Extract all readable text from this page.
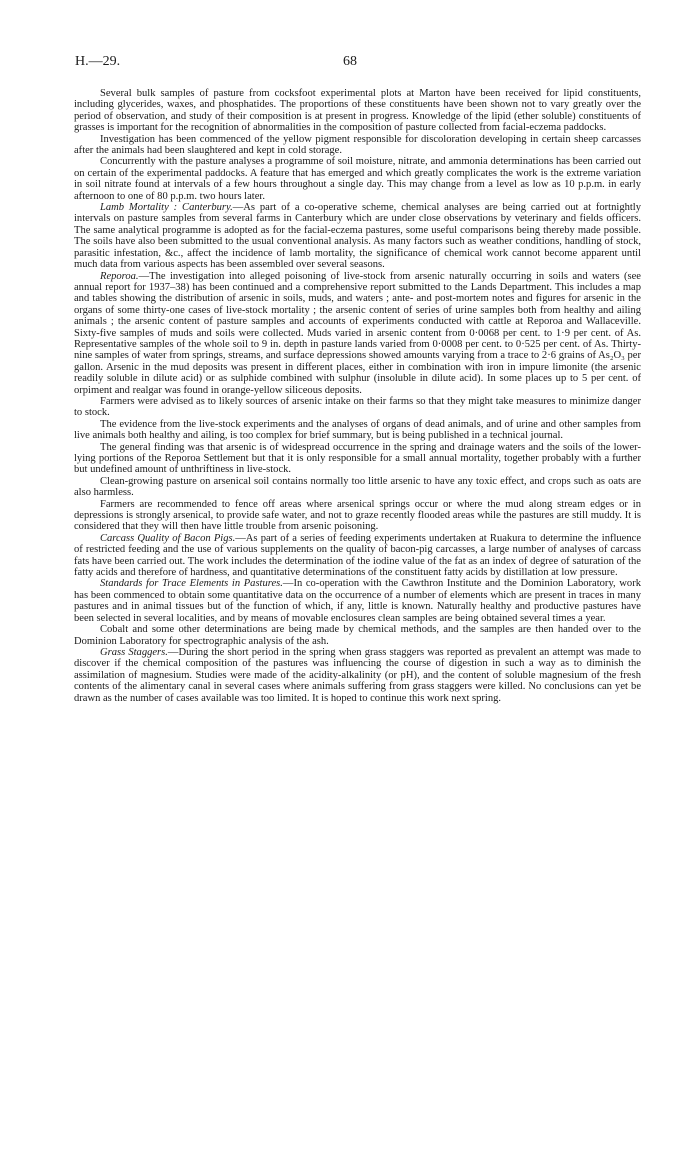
H.—29.	68

Several bulk samples of pasture from cocksfoot experimental plots at Marton have been received for lipid constituents, including glycerides, waxes, and phosphatides. The proportions of these constituents have been shown not to vary greatly over the period of observation, and study of their composition is at present in progress. Knowledge of the lipid (ether soluble) constituents of grasses is important for the recognition of abnormalities in the composition of pasture collected from facial-eczema paddocks.

Investigation has been commenced of the yellow pigment responsible for discoloration developing in certain sheep carcasses after the animals had been slaughtered and kept in cold storage.

Concurrently with the pasture analyses a programme of soil moisture, nitrate, and ammonia determinations has been carried out on certain of the experimental paddocks. A feature that has emerged and which greatly complicates the work is the extreme variation in soil nitrate found at intervals of a few hours throughout a single day. This may change from a level as low as 10 p.p.m. in early afternoon to one of 80 p.p.m. two hours later.

Lamb Mortality : Canterbury.—As part of a co-operative scheme, chemical analyses are being carried out at fortnightly intervals on pasture samples from several farms in Canterbury which are under close observations by veterinary and fields officers. The same analytical programme is adopted as for the facial-eczema pastures, some useful comparisons being thereby made possible. The soils have also been submitted to the usual conventional analysis. As many factors such as weather conditions, handling of stock, parasitic infestation, &c., affect the incidence of lamb mortality, the significance of chemical work cannot become apparent until much data from various aspects has been assembled over several seasons.

Reporoa.—The investigation into alleged poisoning of live-stock from arsenic naturally occurring in soils and waters (see annual report for 1937–38) has been continued and a comprehensive report submitted to the Lands Department. This includes a map and tables showing the distribution of arsenic in soils, muds, and waters ; ante- and post-mortem notes and figures for arsenic in the organs of some thirty-one cases of live-stock mortality ; the arsenic content of series of urine samples both from healthy and ailing animals ; the arsenic content of pasture samples and accounts of experiments conducted with cattle at Reporoa and Wallaceville. Sixty-five samples of muds and soils were collected. Muds varied in arsenic content from 0·0068 per cent. to 1·9 per cent. of As. Representative samples of the whole soil to 9 in. depth in pasture lands varied from 0·0008 per cent. to 0·525 per cent. of As. Thirty-nine samples of water from springs, streams, and surface depressions showed amounts varying from a trace to 2·6 grains of As₂O₃ per gallon. Arsenic in the mud deposits was present in different places, either in combination with iron in impure limonite (the arsenic readily soluble in dilute acid) or as sulphide combined with sulphur (insoluble in dilute acid). In some places up to 5 per cent. of orpiment and realgar was found in orange-yellow siliceous deposits.

Farmers were advised as to likely sources of arsenic intake on their farms so that they might take measures to minimize danger to stock.

The evidence from the live-stock experiments and the analyses of organs of dead animals, and of urine and other samples from live animals both healthy and ailing, is too complex for brief summary, but is being published in a technical journal.

The general finding was that arsenic is of widespread occurrence in the spring and drainage waters and the soils of the lower-lying portions of the Reporoa Settlement but that it is only responsible for a small annual mortality, together probably with a further but undefined amount of unthriftiness in live-stock.

Clean-growing pasture on arsenical soil contains normally too little arsenic to have any toxic effect, and crops such as oats are also harmless.

Farmers are recommended to fence off areas where arsenical springs occur or where the mud along stream edges or in depressions is strongly arsenical, to provide safe water, and not to graze recently flooded areas while the pastures are still muddy. It is considered that they will then have little trouble from arsenic poisoning.

Carcass Quality of Bacon Pigs.—As part of a series of feeding experiments undertaken at Ruakura to determine the influence of restricted feeding and the use of various supplements on the quality of bacon-pig carcasses, a large number of analyses of carcass fats have been carried out. The work includes the determination of the iodine value of the fat as an index of degree of saturation of the fatty acids and therefore of hardness, and quantitative determinations of the constituent fatty acids by distillation at low pressure.

Standards for Trace Elements in Pastures.—In co-operation with the Cawthron Institute and the Dominion Laboratory, work has been commenced to obtain some quantitative data on the occurrence of a number of elements which are present in traces in many pastures and in animal tissues but of the function of which, if any, little is known. Naturally healthy and productive pastures have been selected in several localities, and by means of movable enclosures clean samples are being obtained several times a year.

Cobalt and some other determinations are being made by chemical methods, and the samples are then handed over to the Dominion Laboratory for spectrographic analysis of the ash.

Grass Staggers.—During the short period in the spring when grass staggers was reported as prevalent an attempt was made to discover if the chemical composition of the pastures was influencing the course of digestion in such a way as to diminish the assimilation of magnesium. Studies were made of the acidity-alkalinity (or pH), and the content of soluble magnesium of the fresh contents of the alimentary canal in several cases where animals suffering from grass staggers were killed. No conclusions can yet be drawn as the number of cases available was too limited. It is hoped to continue this work next spring.
